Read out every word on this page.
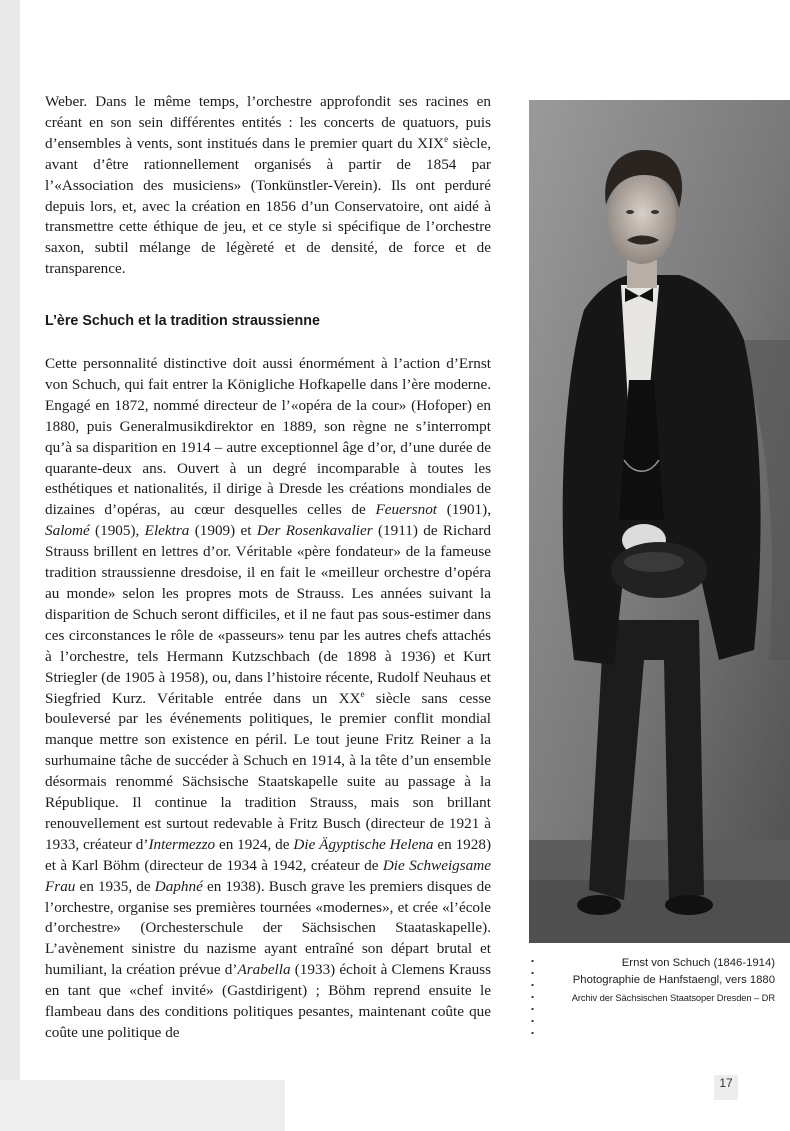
Weber. Dans le même temps, l’orchestre approfondit ses racines en créant en son sein différentes entités : les concerts de quatuors, puis d’ensembles à vents, sont institués dans le premier quart du XIXe siècle, avant d’être rationnellement organisés à partir de 1854 par l’«Association des musiciens» (Tonkünstler-Verein). Ils ont perduré depuis lors, et, avec la création en 1856 d’un Conservatoire, ont aidé à transmettre cette éthique de jeu, et ce style si spécifique de l’orchestre saxon, subtil mélange de légèreté et de densité, de force et de transparence.

L’ère Schuch et la tradition straussienne

Cette personnalité distinctive doit aussi énormément à l’action d’Ernst von Schuch, qui fait entrer la Königliche Hofkapelle dans l’ère moderne. Engagé en 1872, nommé directeur de l’«opéra de la cour» (Hofoper) en 1880, puis Generalmusikdirektor en 1889, son règne ne s’interrompt qu’à sa disparition en 1914 – autre exceptionnel âge d’or, d’une durée de quarante-deux ans. Ouvert à un degré incomparable à toutes les esthétiques et nationalités, il dirige à Dresde les créations mondiales de dizaines d’opéras, au cœur desquelles celles de Feuersnot (1901), Salomé (1905), Elektra (1909) et Der Rosenkavalier (1911) de Richard Strauss brillent en lettres d’or. Véritable «père fondateur» de la fameuse tradition straussienne dresdoise, il en fait le «meilleur orchestre d’opéra au monde» selon les propres mots de Strauss. Les années suivant la disparition de Schuch seront difficiles, et il ne faut pas sous-estimer dans ces circonstances le rôle de «passeurs» tenu par les autres chefs attachés à l’orchestre, tels Hermann Kutzschbach (de 1898 à 1936) et Kurt Striegler (de 1905 à 1958), ou, dans l’histoire récente, Rudolf Neuhaus et Siegfried Kurz. Véritable entrée dans un XXe siècle sans cesse bouleversé par les événements politiques, le premier conflit mondial manque mettre son existence en péril. Le tout jeune Fritz Reiner a la surhumaine tâche de succéder à Schuch en 1914, à la tête d’un ensemble désormais renommé Sächsische Staatskapelle suite au passage à la République. Il continue la tradition Strauss, mais son brillant renouvellement est surtout redevable à Fritz Busch (directeur de 1921 à 1933, créateur d’Intermezzo en 1924, de Die Ägyptische Helena en 1928) et à Karl Böhm (directeur de 1934 à 1942, créateur de Die Schweigsame Frau en 1935, de Daphné en 1938). Busch grave les premiers disques de l’orchestre, organise ses premières tournées «modernes», et crée «l’école d’orchestre» (Orchesterschule der Sächsischen Staataskapelle). L’avènement sinistre du nazisme ayant entraîné son départ brutal et humiliant, la création prévue d’Arabella (1933) échoit à Clemens Krauss en tant que «chef invité» (Gastdirigent) ; Böhm reprend ensuite le flambeau dans des conditions politiques pesantes, maintenant coûte que coûte une politique de

Ernst von Schuch (1846-1914)
Photographie de Hanfstaengl, vers 1880
Archiv der Sächsischen Staatsoper Dresden – DR
17
